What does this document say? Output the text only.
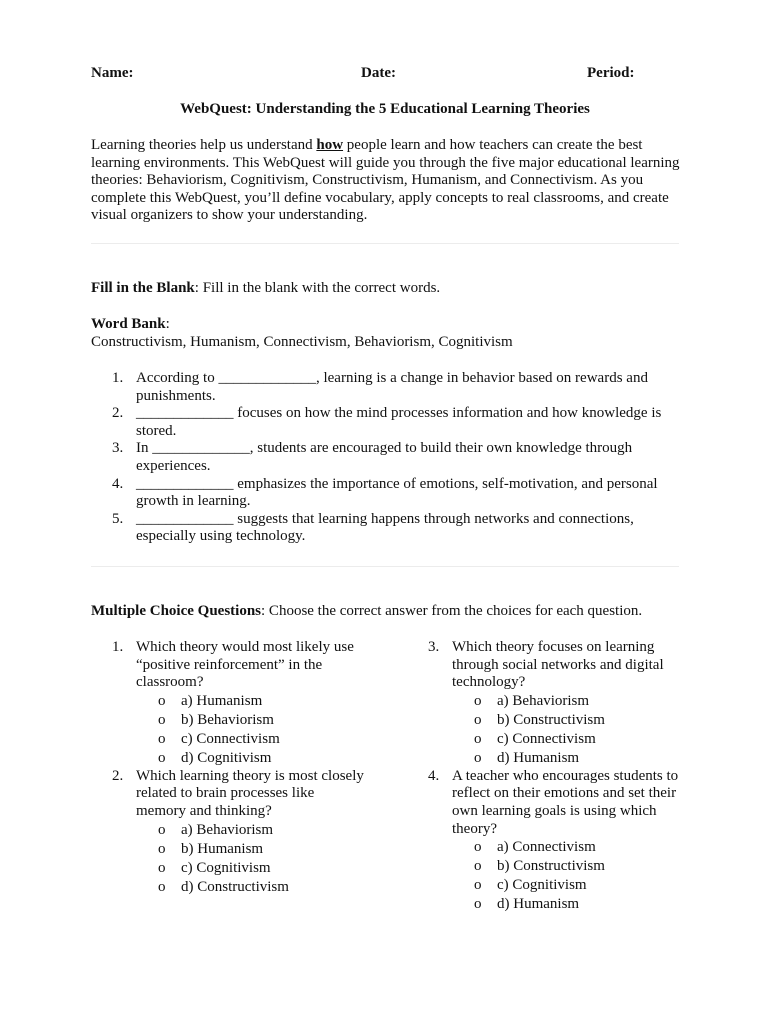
Name:	Date:	Period:
WebQuest: Understanding the 5 Educational Learning Theories
Learning theories help us understand how people learn and how teachers can create the best learning environments. This WebQuest will guide you through the five major educational learning theories: Behaviorism, Cognitivism, Constructivism, Humanism, and Connectivism. As you complete this WebQuest, you’ll define vocabulary, apply concepts to real classrooms, and create visual organizers to show your understanding.
Fill in the Blank: Fill in the blank with the correct words.
Word Bank:
Constructivism, Humanism, Connectivism, Behaviorism, Cognitivism
1. According to _____________, learning is a change in behavior based on rewards and punishments.
2. _____________ focuses on how the mind processes information and how knowledge is stored.
3. In _____________, students are encouraged to build their own knowledge through experiences.
4. _____________ emphasizes the importance of emotions, self-motivation, and personal growth in learning.
5. _____________ suggests that learning happens through networks and connections, especially using technology.
Multiple Choice Questions: Choose the correct answer from the choices for each question.
1. Which theory would most likely use “positive reinforcement” in the classroom?
o a) Humanism
o b) Behaviorism
o c) Connectivism
o d) Cognitivism
2. Which learning theory is most closely related to brain processes like memory and thinking?
o a) Behaviorism
o b) Humanism
o c) Cognitivism
o d) Constructivism
3. Which theory focuses on learning through social networks and digital technology?
o a) Behaviorism
o b) Constructivism
o c) Connectivism
o d) Humanism
4. A teacher who encourages students to reflect on their emotions and set their own learning goals is using which theory?
o a) Connectivism
o b) Constructivism
o c) Cognitivism
o d) Humanism
